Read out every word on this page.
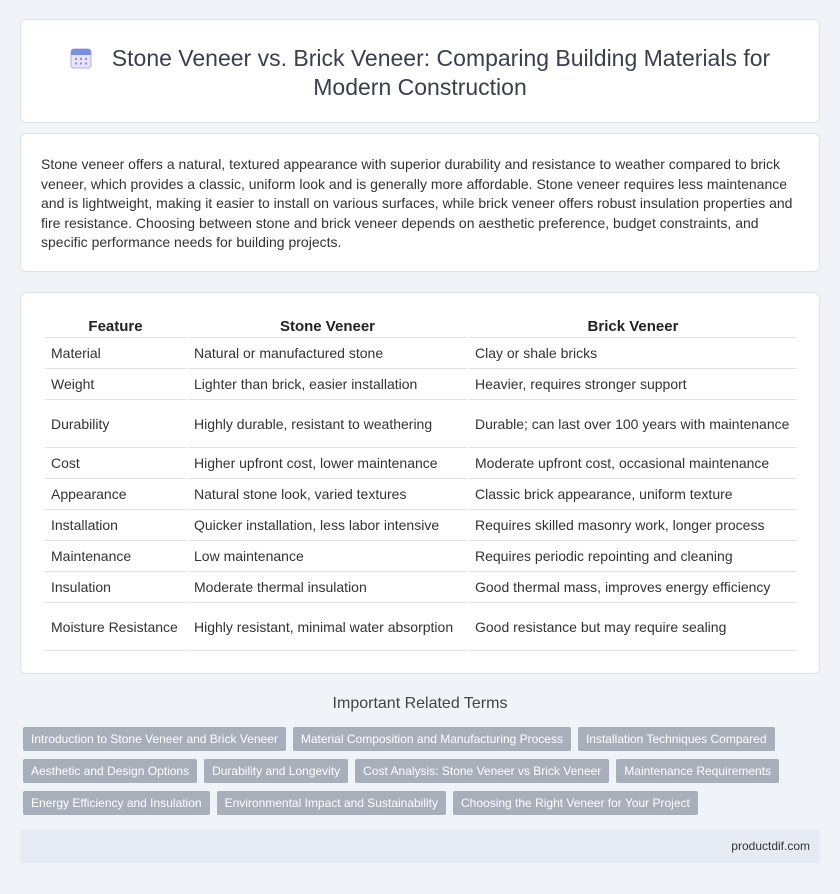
Stone Veneer vs. Brick Veneer: Comparing Building Materials for Modern Construction

Stone veneer offers a natural, textured appearance with superior durability and resistance to weather compared to brick veneer, which provides a classic, uniform look and is generally more affordable. Stone veneer requires less maintenance and is lightweight, making it easier to install on various surfaces, while brick veneer offers robust insulation properties and fire resistance. Choosing between stone and brick veneer depends on aesthetic preference, budget constraints, and specific performance needs for building projects.

Feature	Stone Veneer	Brick Veneer
Material	Natural or manufactured stone	Clay or shale bricks
Weight	Lighter than brick, easier installation	Heavier, requires stronger support
Durability	Highly durable, resistant to weathering	Durable; can last over 100 years with maintenance
Cost	Higher upfront cost, lower maintenance	Moderate upfront cost, occasional maintenance
Appearance	Natural stone look, varied textures	Classic brick appearance, uniform texture
Installation	Quicker installation, less labor intensive	Requires skilled masonry work, longer process
Maintenance	Low maintenance	Requires periodic repointing and cleaning
Insulation	Moderate thermal insulation	Good thermal mass, improves energy efficiency
Moisture Resistance	Highly resistant, minimal water absorption	Good resistance but may require sealing
Important Related Terms
Introduction to Stone Veneer and Brick Veneer	Material Composition and Manufacturing Process	Installation Techniques Compared
Aesthetic and Design Options	Durability and Longevity	Cost Analysis: Stone Veneer vs Brick Veneer	Maintenance Requirements
Energy Efficiency and Insulation	Environmental Impact and Sustainability	Choosing the Right Veneer for Your Project
productdif.com
